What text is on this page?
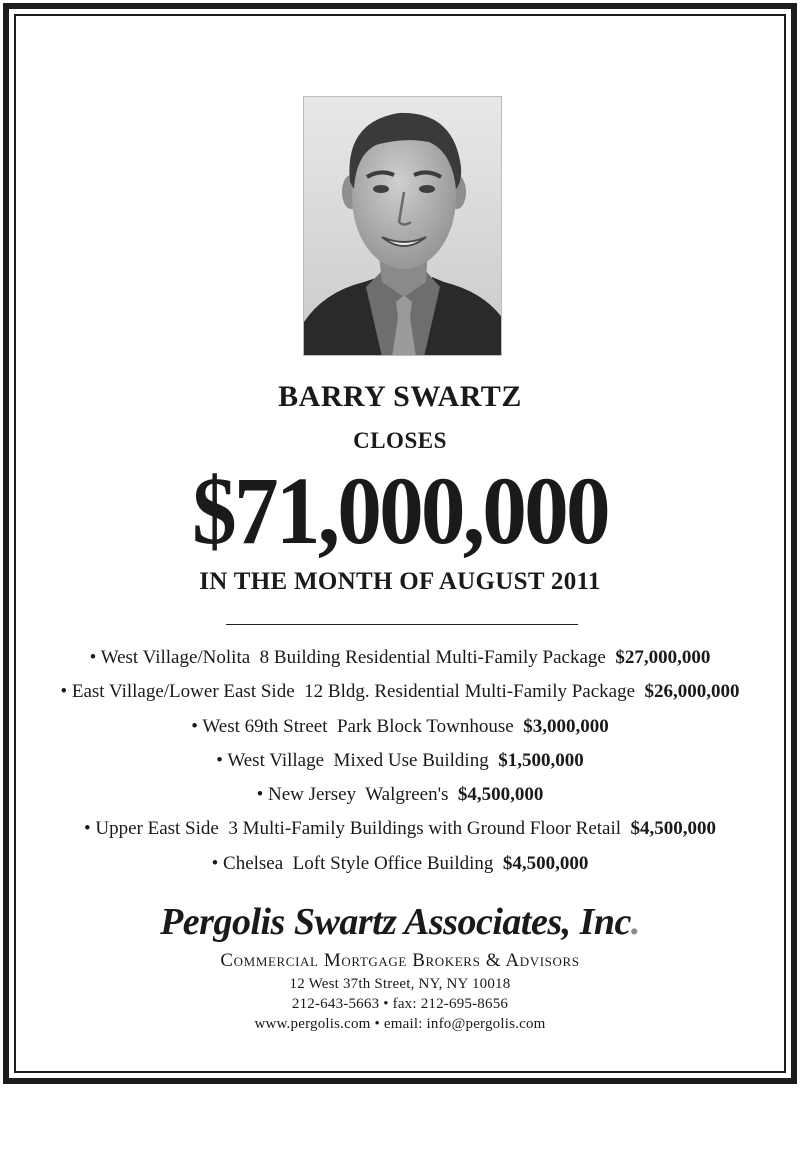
BARRY SWARTZ
CLOSES
$71,000,000
IN THE MONTH OF AUGUST 2011
• West Village/Nolita 8 Building Residential Multi-Family Package $27,000,000
• East Village/Lower East Side 12 Bldg. Residential Multi-Family Package $26,000,000
• West 69th Street Park Block Townhouse $3,000,000
• West Village Mixed Use Building $1,500,000
• New Jersey Walgreen's $4,500,000
• Upper East Side 3 Multi-Family Buildings with Ground Floor Retail $4,500,000
• Chelsea Loft Style Office Building $4,500,000
Pergolis Swartz Associates, Inc.
Commercial Mortgage Brokers & Advisors
12 West 37th Street, NY, NY 10018
212-643-5663 • fax: 212-695-8656
www.pergolis.com • email: info@pergolis.com
